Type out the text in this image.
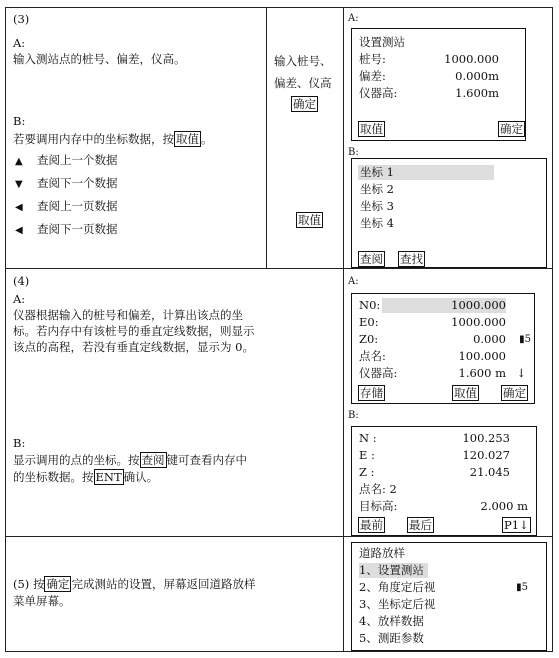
(3)
A:
输入测站点的桩号、偏差，仪高。
B:
若要调用内存中的坐标数据，按 取值 。
▲ 查阅上一个数据
▼ 查阅下一个数据
◀ 查阅上一页数据
◀ 查阅下一页数据
输入桩号、
偏差、仪高
确定
取值
A:
设置测站
桩号:	1000.000
偏差:	0.000m
仪器高:	1.600m
取值	确定
B:
坐标 1
坐标 2
坐标 3
坐标 4
查阅 查找
(4)
A:
仪器根据输入的桩号和偏差，计算出该点的坐
标。若内存中有该桩号的垂直定线数据，则显示
该点的高程，若没有垂直定线数据，显示为 0。
B:
显示调用的点的坐标。按 查阅 键可查看内存中
的坐标数据。按 ENT 确认。
A:
N0:	1000.000
E0:	1000.000
Z0:	0.000 ▮5
点名:	100.000
仪器高:	1.600 m ↓
存储	取值 确定
B:
N :	100.253
E :	120.027
Z :	21.045
点名: 2
目标高:	2.000 m
最前 最后	P1↓
(5) 按 确定 完成测站的设置，屏幕返回道路放样
菜单屏幕。
道路放样
1、设置测站
2、角度定后视	▮5
3、坐标定后视
4、放样数据
5、测距参数
